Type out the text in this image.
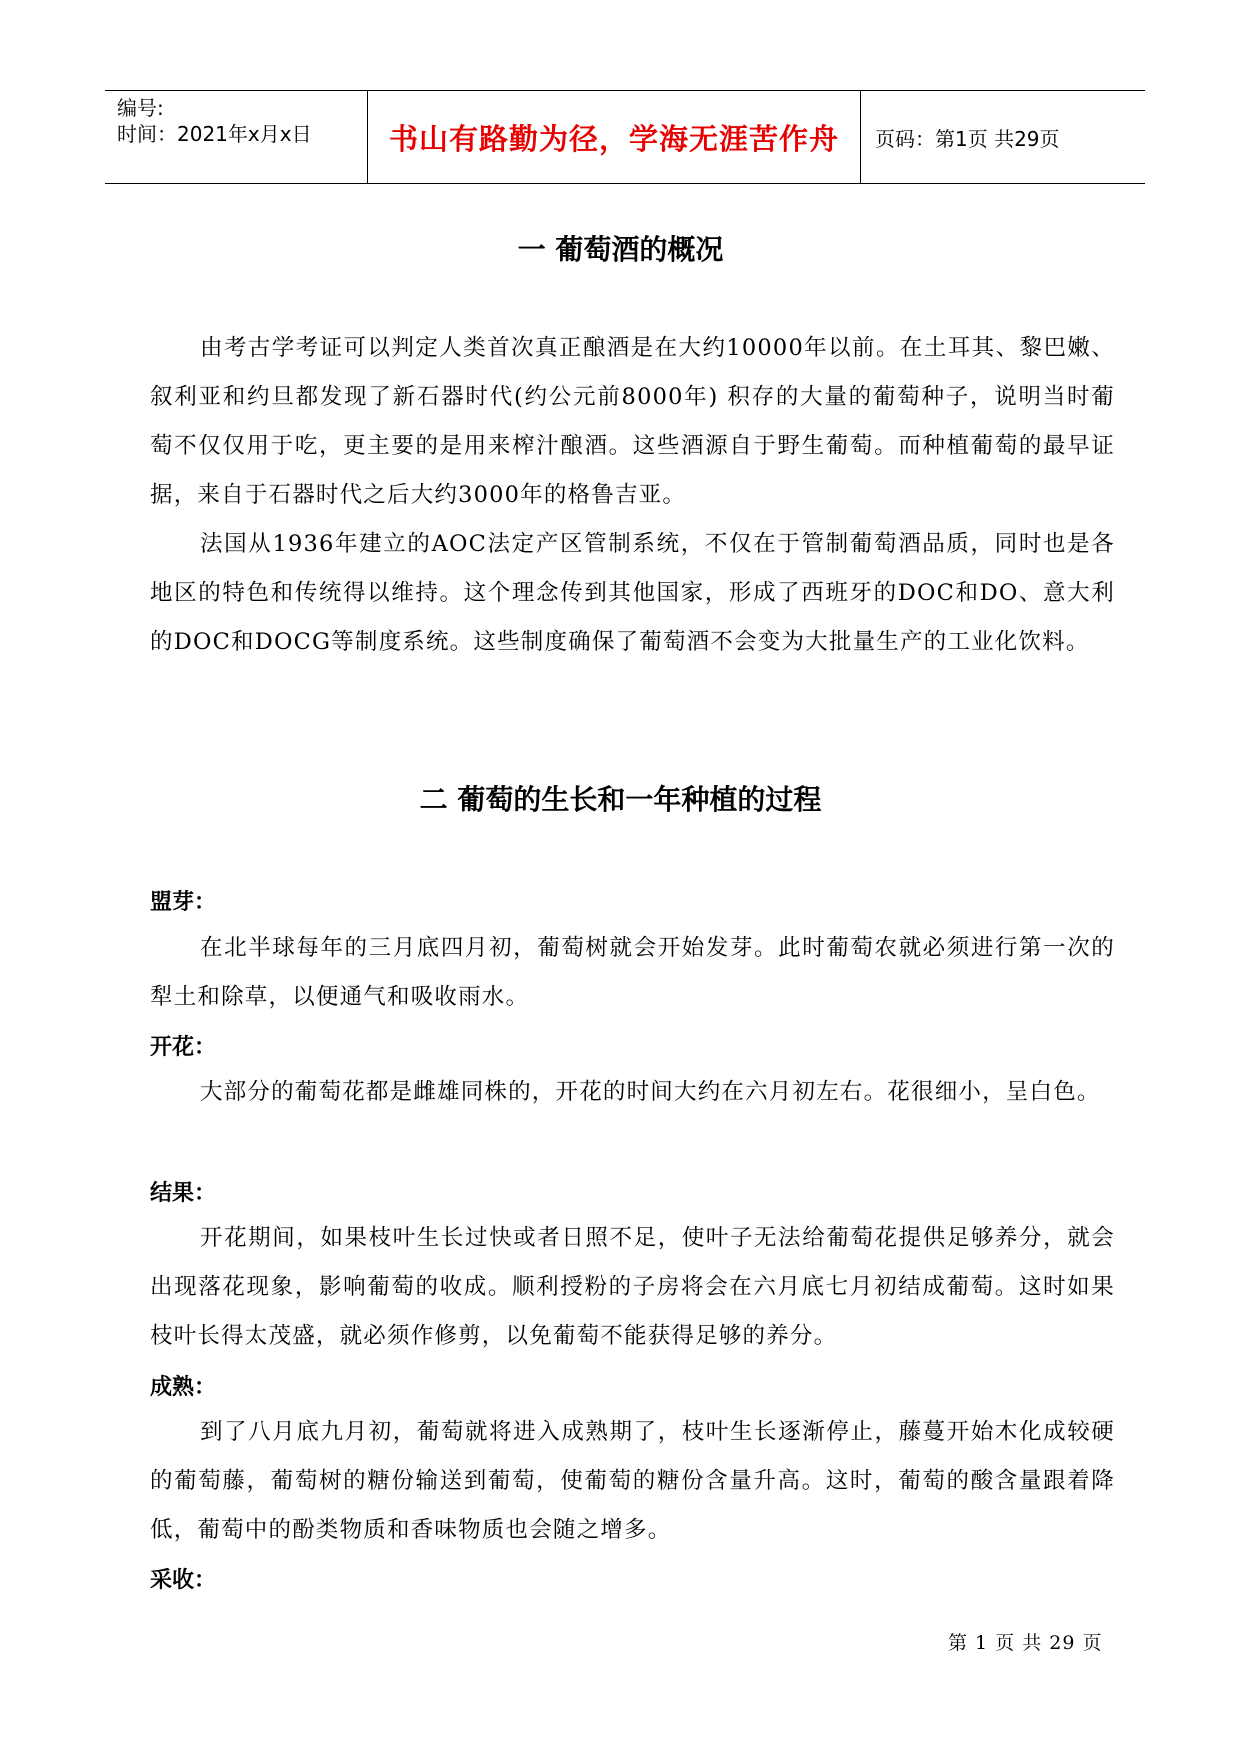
编号:
时间：2021年x月x日	书山有路勤为径，学海无涯苦作舟	页码：第1页 共29页
一 葡萄酒的概况
由考古学考证可以判定人类首次真正酿酒是在大约10000年以前。在土耳其、黎巴嫩、叙利亚和约旦都发现了新石器时代(约公元前8000年) 积存的大量的葡萄种子，说明当时葡萄不仅仅用于吃，更主要的是用来榨汁酿酒。这些酒源自于野生葡萄。而种植葡萄的最早证据，来自于石器时代之后大约3000年的格鲁吉亚。
法国从1936年建立的AOC法定产区管制系统，不仅在于管制葡萄酒品质，同时也是各地区的特色和传统得以维持。这个理念传到其他国家，形成了西班牙的DOC和DO、意大利的DOC和DOCG等制度系统。这些制度确保了葡萄酒不会变为大批量生产的工业化饮料。
二 葡萄的生长和一年种植的过程
盟芽：
在北半球每年的三月底四月初，葡萄树就会开始发芽。此时葡萄农就必须进行第一次的犁土和除草，以便通气和吸收雨水。
开花：
大部分的葡萄花都是雌雄同株的，开花的时间大约在六月初左右。花很细小，呈白色。
结果：
开花期间，如果枝叶生长过快或者日照不足，使叶子无法给葡萄花提供足够养分，就会出现落花现象，影响葡萄的收成。顺利授粉的子房将会在六月底七月初结成葡萄。这时如果枝叶长得太茂盛，就必须作修剪，以免葡萄不能获得足够的养分。
成熟：
到了八月底九月初，葡萄就将进入成熟期了，枝叶生长逐渐停止，藤蔓开始木化成较硬的葡萄藤，葡萄树的糖份输送到葡萄，使葡萄的糖份含量升高。这时，葡萄的酸含量跟着降低，葡萄中的酚类物质和香味物质也会随之增多。
采收：
第 1 页 共 29 页
